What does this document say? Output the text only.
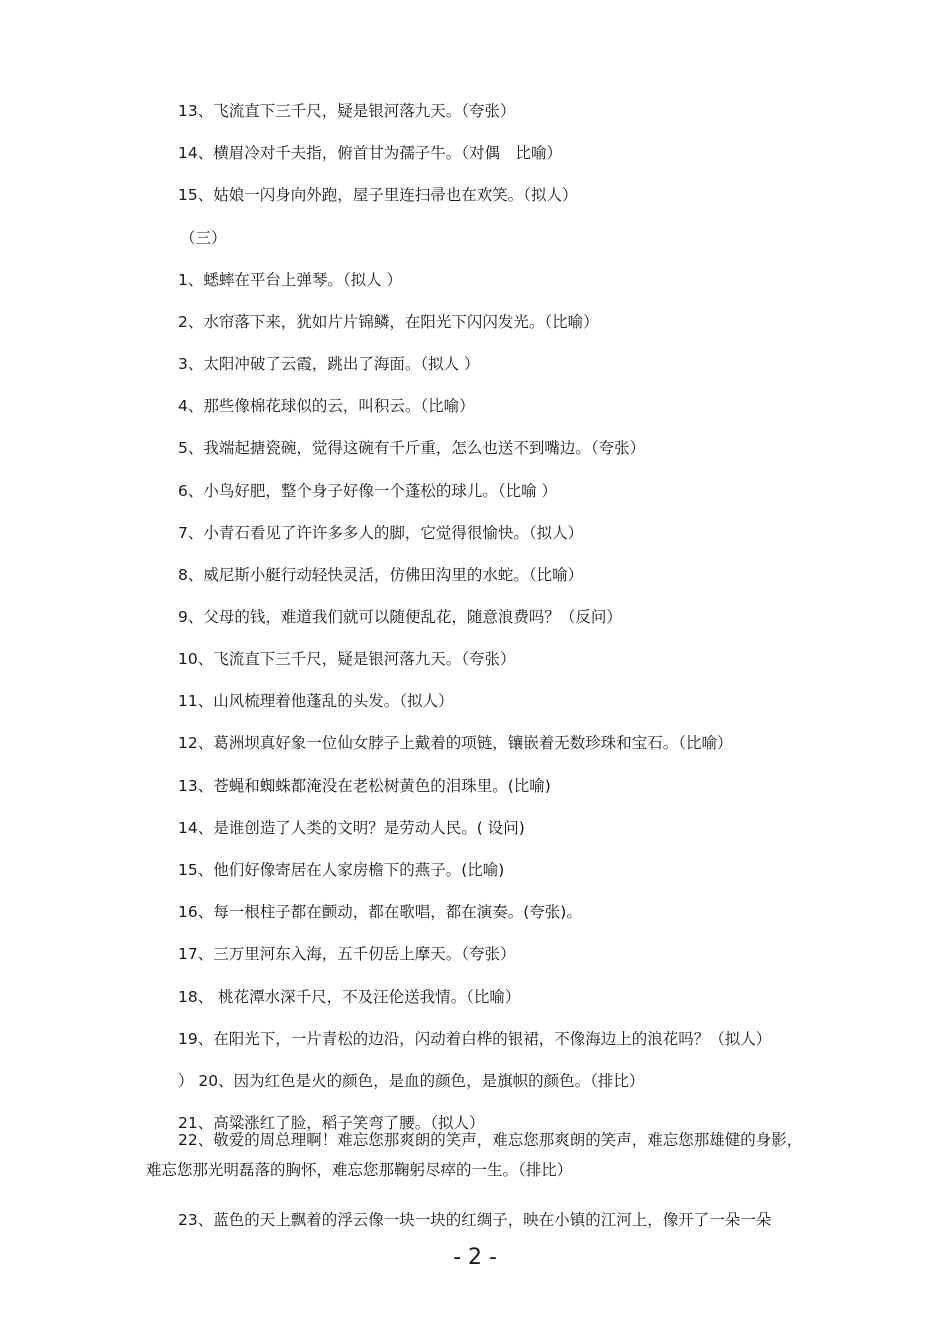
13、飞流直下三千尺，疑是银河落九天。（夸张）
14、横眉冷对千夫指，俯首甘为孺子牛。（对偶　比喻）
15、姑娘一闪身向外跑，屋子里连扫帚也在欢笑。（拟人）
（三）
1、蟋蟀在平台上弹琴。（拟人 ）
2、水帘落下来，犹如片片锦鳞，在阳光下闪闪发光。（比喻）
3、太阳冲破了云霞，跳出了海面。（拟人 ）
4、那些像棉花球似的云，叫积云。（比喻）
5、我端起搪瓷碗，觉得这碗有千斤重，怎么也送不到嘴边。（夸张）
6、小鸟好肥，整个身子好像一个蓬松的球儿。（比喻 ）
7、小青石看见了许许多多人的脚，它觉得很愉快。（拟人）
8、威尼斯小艇行动轻快灵活，仿佛田沟里的水蛇。（比喻）
9、父母的钱，难道我们就可以随便乱花，随意浪费吗？（反问）
10、飞流直下三千尺，疑是银河落九天。（夸张）
11、山风梳理着他蓬乱的头发。（拟人）
12、葛洲坝真好象一位仙女脖子上戴着的项链，镶嵌着无数珍珠和宝石。（比喻）
13、苍蝇和蜘蛛都淹没在老松树黄色的泪珠里。(比喻)
14、是谁创造了人类的文明？是劳动人民。( 设问)
15、他们好像寄居在人家房檐下的燕子。(比喻)
16、每一根柱子都在颤动，都在歌唱，都在演奏。(夸张)。
17、三万里河东入海，五千仞岳上摩天。（夸张）
18、 桃花潭水深千尺，不及汪伦送我情。（比喻）
19、在阳光下，一片青松的边沿，闪动着白桦的银裙，不像海边上的浪花吗？（拟人）
） 20、因为红色是火的颜色，是血的颜色，是旗帜的颜色。（排比）
21、高粱涨红了脸，稻子笑弯了腰。（拟人）
22、敬爱的周总理啊！难忘您那爽朗的笑声，难忘您那爽朗的笑声，难忘您那雄健的身影，难忘您那光明磊落的胸怀，难忘您那鞠躬尽瘁的一生。（排比）
23、蓝色的天上飘着的浮云像一块一块的红绸子，映在小镇的江河上，像开了一朵一朵
- 2 -
